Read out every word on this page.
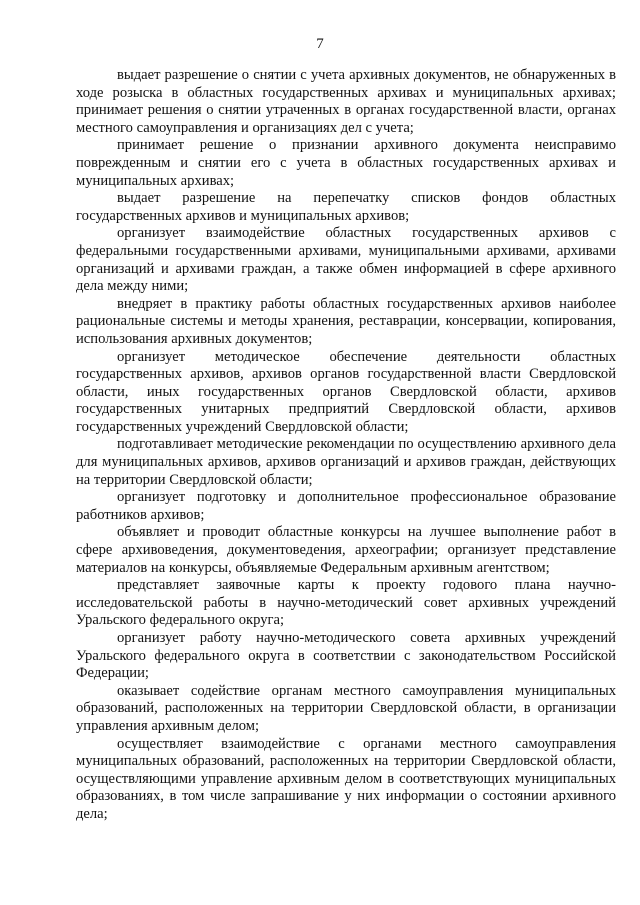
7

выдает разрешение о снятии с учета архивных документов, не обнаруженных в ходе розыска в областных государственных архивах и муниципальных архивах; принимает решения о снятии утраченных в органах государственной власти, органах местного самоуправления и организациях дел с учета;

принимает решение о признании архивного документа неисправимо поврежденным и снятии его с учета в областных государственных архивах и муниципальных архивах;

выдает разрешение на перепечатку списков фондов областных государственных архивов и муниципальных архивов;

организует взаимодействие областных государственных архивов с федеральными государственными архивами, муниципальными архивами, архивами организаций и архивами граждан, а также обмен информацией в сфере архивного дела между ними;

внедряет в практику работы областных государственных архивов наиболее рациональные системы и методы хранения, реставрации, консервации, копирования, использования архивных документов;

организует методическое обеспечение деятельности областных государственных архивов, архивов органов государственной власти Свердловской области, иных государственных органов Свердловской области, архивов государственных унитарных предприятий Свердловской области, архивов государственных учреждений Свердловской области;

подготавливает методические рекомендации по осуществлению архивного дела для муниципальных архивов, архивов организаций и архивов граждан, действующих на территории Свердловской области;

организует подготовку и дополнительное профессиональное образование работников архивов;

объявляет и проводит областные конкурсы на лучшее выполнение работ в сфере архивоведения, документоведения, археографии; организует представление материалов на конкурсы, объявляемые Федеральным архивным агентством;

представляет заявочные карты к проекту годового плана научно-исследовательской работы в научно-методический совет архивных учреждений Уральского федерального округа;

организует работу научно-методического совета архивных учреждений Уральского федерального округа в соответствии с законодательством Российской Федерации;

оказывает содействие органам местного самоуправления муниципальных образований, расположенных на территории Свердловской области, в организации управления архивным делом;

осуществляет взаимодействие с органами местного самоуправления муниципальных образований, расположенных на территории Свердловской области, осуществляющими управление архивным делом в соответствующих муниципальных образованиях, в том числе запрашивание у них информации о состоянии архивного дела;
